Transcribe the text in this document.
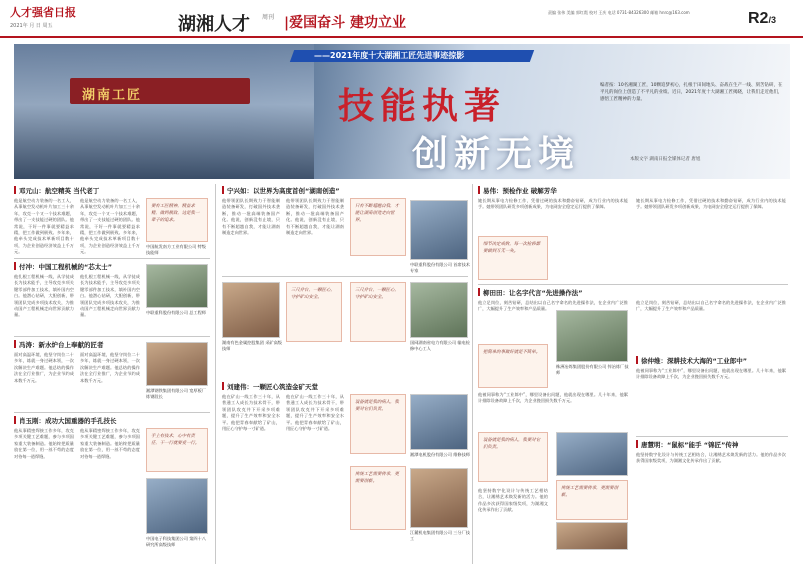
人才强省日报
2021年 月 日 周五	湖湘人才 周刊 |爱国奋斗 建功立业
责编 张伟 美编 郭红霞 校对 王庆 电话 0731-84326300 邮箱 hnrc@163.com	R2/3
湖南工匠
——2021年度十大湖湘工匠先进事迹掠影
技能执著
创新无境
编者按：10名湘湖工匠，10颗追梦初心，扎根于田间地头、奋战在生产一线、刻苦钻研，在平凡的岗位上创造了不平凡的业绩。近日，2021年度十大湖湘工匠揭晓，让我们走近他们，感悟工匠精神的力量。
本版文字 湖南日报全媒体记者 唐旭
邓元山：航空精英 当代老丁
他是航空动力装备的一名工人，从事航空发动机叶片加工三十余年，攻克一个又一个技术难题，带出了一支技能过硬的团队。他常说，干好一件事就要精益求精，把工作做到极致。多年来，他牵头完成技术革新项目数十项，为企业创造经济效益上千万元。
他是航空动力装备的一名工人，从事航空发动机叶片加工三十余年，攻克一个又一个技术难题，带出了一支技能过硬的团队。他常说，干好一件事就要精益求精，把工作做到极致。多年来，他牵头完成技术革新项目数十项，为企业创造经济效益上千万元。
要有工匠精神，精益求精，做到极致，这是我一辈子的追求。
中国航发南方工业有限公司 特级技能师
付冲：中国工程机械的“芯太士”
他扎根工程机械一线，从学徒成长为技术能手，主导攻克多项关键零部件加工技术，填补国内空白。他潜心钻研，大胆创新，带领团队完成多项技术攻关，为推动国产工程机械走向世界贡献力量。
他扎根工程机械一线，从学徒成长为技术能手，主导攻克多项关键零部件加工技术，填补国内空白。他潜心钻研，大胆创新，带领团队完成多项技术攻关，为推动国产工程机械走向世界贡献力量。	中联重科股份有限公司 总工程师
冯涛：新水炉台上奉献的匠者
面对高温环境，他坚守岗位二十多年，练就一身过硬本领，一次次解决生产难题。他总结的操作法在全行业推广，为企业节约成本数千万元。
面对高温环境，他坚守岗位二十多年，练就一身过硬本领，一次次解决生产难题。他总结的操作法在全行业推广，为企业节约成本数千万元。
湘潭钢铁集团有限公司 宽厚板厂炼钢段长
肖玉刚：成功大国重器的手孔技长
他从事精密焊接工作多年，攻克多项关键工艺难题，参与多项国家重大装备制造。他始终把质量放在第一位，用一丝不苟的态度对待每一道焊缝。
他从事精密焊接工作多年，攻克多项关键工艺难题，参与多项国家重大装备制造。他始终把质量放在第一位，用一丝不苟的态度对待每一道焊缝。
手上有技术，心中有责任，干一行就要爱一行。
中国电子科技集团公司 第四十八研究所高级技师
宁兴如：以世界为高度首创“湖南创造”
他带领团队长期致力于智能制造装备研发，打破国外技术垄断，推动一批高端装备国产化。他说，创新没有止境，只有不断超越自我，才能让湖南制造走向世界。
他带领团队长期致力于智能制造装备研发，打破国外技术垄断，推动一批高端装备国产化。他说，创新没有止境，只有不断超越自我，才能让湖南制造走向世界。
只有不断超越自我，才能让湖南创造走向世界。
中联重科股份有限公司 首席技术专家
湖南有色金属控股集团 采矿高级技师
三尺井台，一颗匠心，守护矿山安全。
刘建伟：一颗匠心筑造金矿天堂
他在矿山一线工作三十年，从普通工人成长为技术骨干，带领团队攻克井下开采多项难题，提升了生产效率和安全水平。他把青春奉献给了矿山，用匠心守护每一寸矿道。
他在矿山一线工作三十年，从普通工人成长为技术骨干，带领团队攻克井下开采多项难题，提升了生产效率和安全水平。他把青春奉献给了矿山，用匠心守护每一寸矿道。
三尺井台，一颗匠心，守护矿山安全。
国网湖南省电力有限公司 输电检修中心工人
设备就是我的病人，我要对它们负责。
湘潭电机股份有限公司 维修技师
传统工艺需要传承，更需要创新。
江麓机电集团有限公司 三分厂技工
易伟：预检作业 破解芳华
她长期从事电力检修工作，凭借过硬的技术和勤奋钻研，成为行业内的技术能手。她带领团队研发多项创新成果，为电网安全稳定运行提供了保障。
细节决定成败，每一次检修都要做到万无一失。
她长期从事电力检修工作，凭借过硬的技术和勤奋钻研，成为行业内的技术能手。她带领团队研发多项创新成果，为电网安全稳定运行提供了保障。
柳田田：让名字代言“先进操作法”
他立足岗位，刻苦钻研，总结出以自己名字命名的先进操作法，在企业内广泛推广，大幅提升了生产效率和产品质量。
把简单的事做好就是不简单。
株洲冶炼集团股份有限公司 锌冶炼厂技师
他立足岗位，刻苦钻研，总结出以自己名字命名的先进操作法，在企业内广泛推广，大幅提升了生产效率和产品质量。
徐仲维：深耕技术大海的“工业郎中”
他被同事称为“工业郎中”，哪里设备出问题，他就出现在哪里。几十年来，他累计排除设备故障上千次，为企业挽回损失数千万元。
他被同事称为“工业郎中”，哪里设备出问题，他就出现在哪里。几十年来，他累计排除设备故障上千次，为企业挽回损失数千万元。
设备就是我的病人，我要对它们负责。	唐慧明：“鼠标”能手 “锦匠”传神
他坚持数字化设计与传统工艺相结合，让湘绣艺术焕发新的活力。他的作品多次获得国家级奖项，为湖湘文化传承作出了贡献。
他坚持数字化设计与传统工艺相结合，让湘绣艺术焕发新的活力。他的作品多次获得国家级奖项，为湖湘文化传承作出了贡献。
传统工艺需要传承，更需要创新。
